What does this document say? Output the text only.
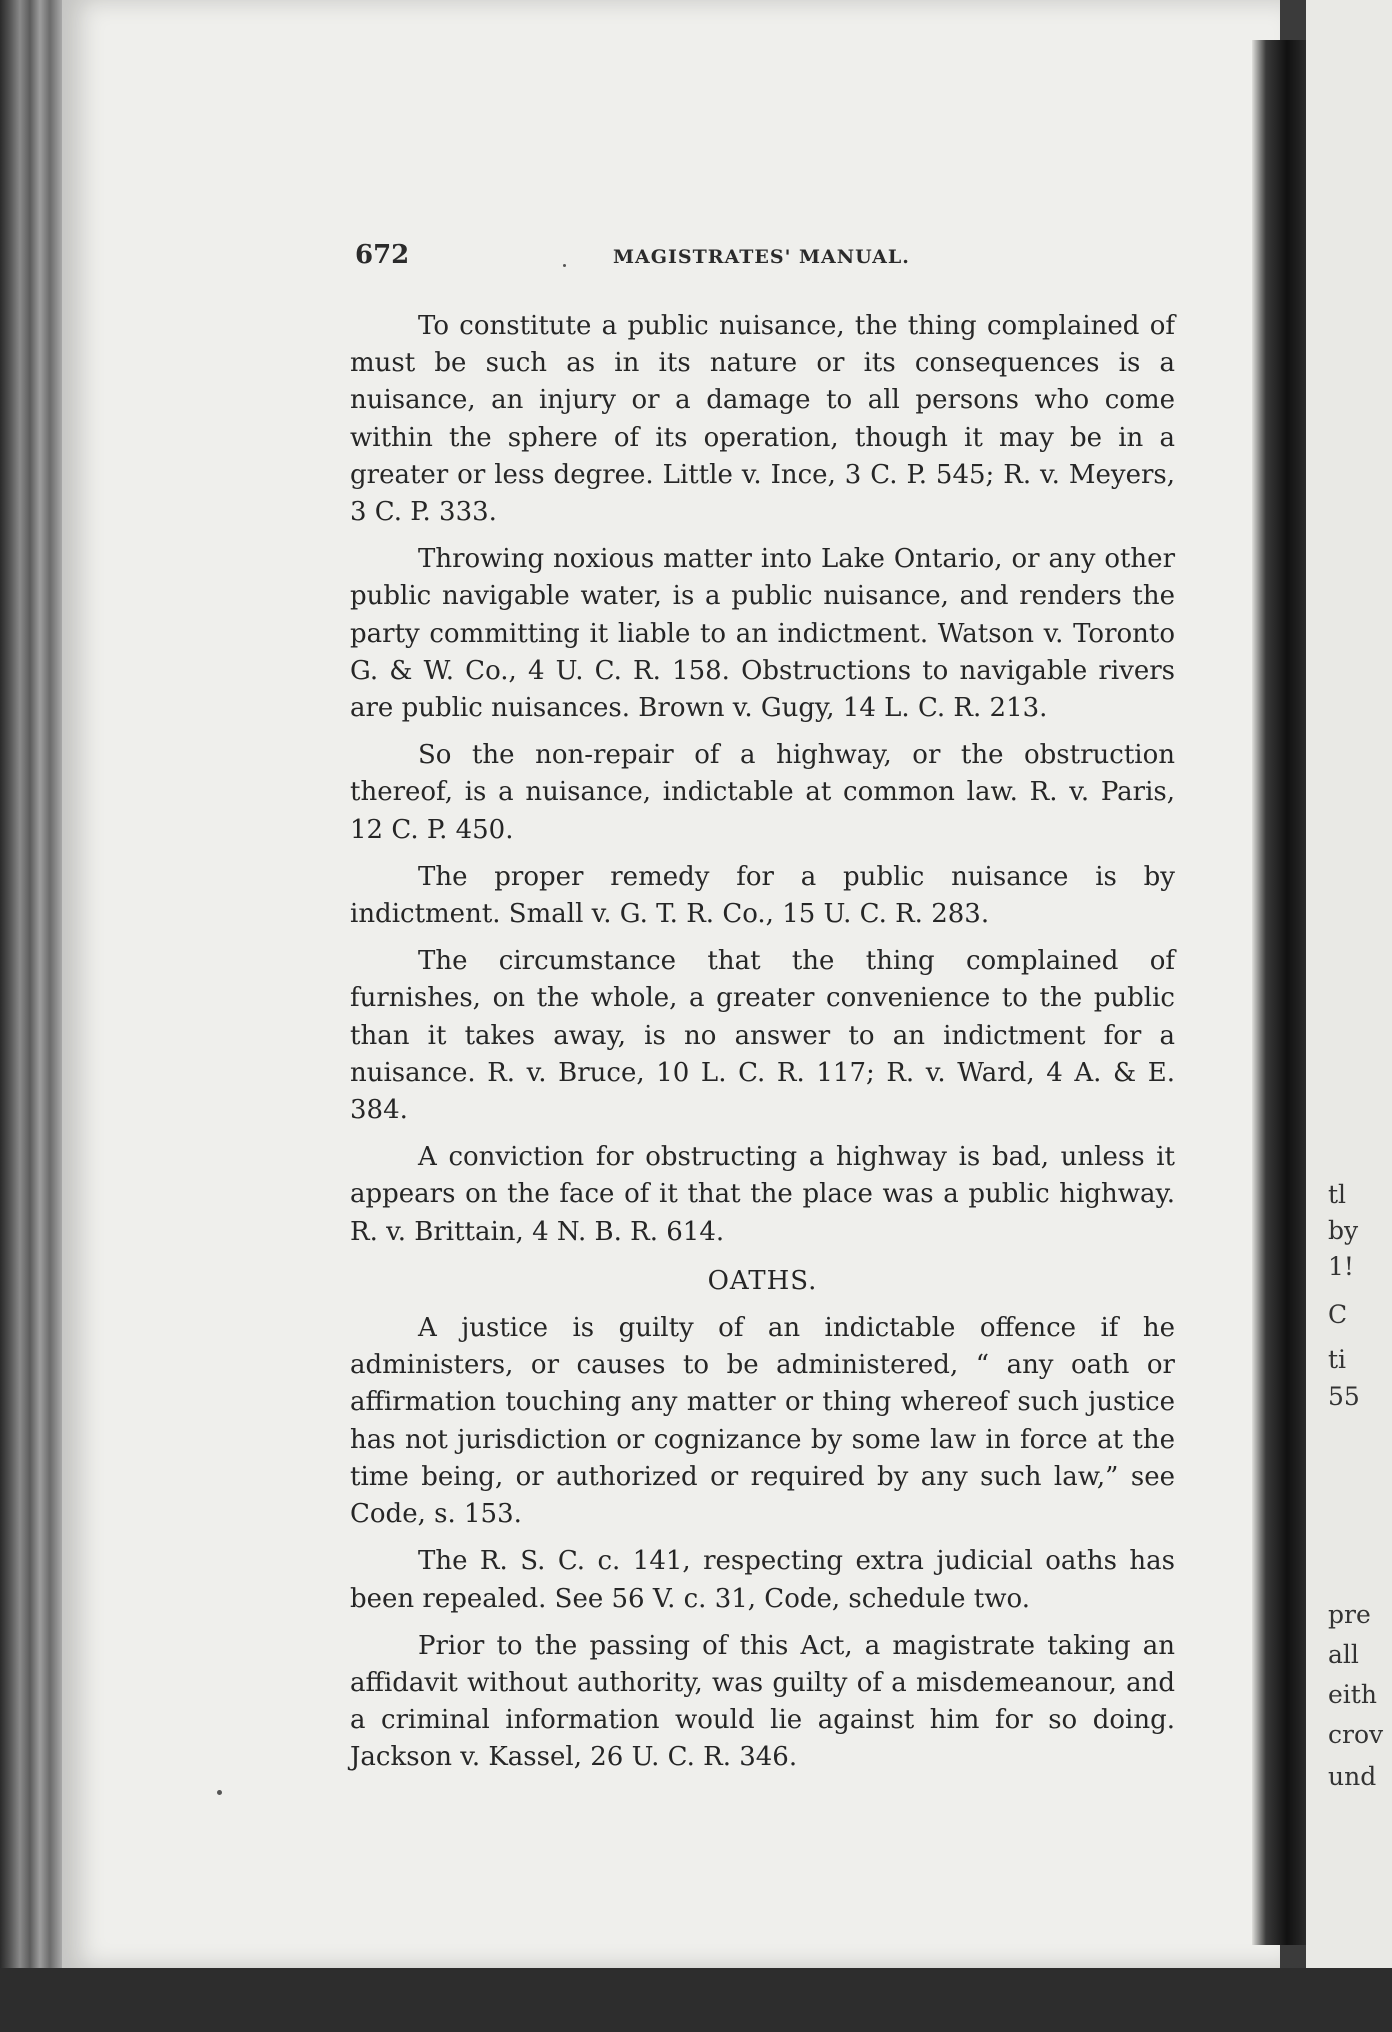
tl
by
1!
C
ti
55
pre
all
eith
crov
und
672	MAGISTRATES' MANUAL.

To constitute a public nuisance, the thing complained of must be such as in its nature or its consequences is a nuisance, an injury or a damage to all persons who come within the sphere of its operation, though it may be in a greater or less degree. Little v. Ince, 3 C. P. 545; R. v. Meyers, 3 C. P. 333.

Throwing noxious matter into Lake Ontario, or any other public navigable water, is a public nuisance, and renders the party committing it liable to an indictment. Watson v. Toronto G. & W. Co., 4 U. C. R. 158. Obstructions to navigable rivers are public nuisances. Brown v. Gugy, 14 L. C. R. 213.

So the non-repair of a highway, or the obstruction thereof, is a nuisance, indictable at common law. R. v. Paris, 12 C. P. 450.

The proper remedy for a public nuisance is by indictment. Small v. G. T. R. Co., 15 U. C. R. 283.

The circumstance that the thing complained of furnishes, on the whole, a greater convenience to the public than it takes away, is no answer to an indictment for a nuisance. R. v. Bruce, 10 L. C. R. 117; R. v. Ward, 4 A. & E. 384.

A conviction for obstructing a highway is bad, unless it appears on the face of it that the place was a public highway. R. v. Brittain, 4 N. B. R. 614.

OATHS.

A justice is guilty of an indictable offence if he administers, or causes to be administered, “ any oath or affirmation touching any matter or thing whereof such justice has not jurisdiction or cognizance by some law in force at the time being, or authorized or required by any such law,” see Code, s. 153.

The R. S. C. c. 141, respecting extra judicial oaths has been repealed. See 56 V. c. 31, Code, schedule two.

Prior to the passing of this Act, a magistrate taking an affidavit without authority, was guilty of a misdemeanour, and a criminal information would lie against him for so doing. Jackson v. Kassel, 26 U. C. R. 346.
